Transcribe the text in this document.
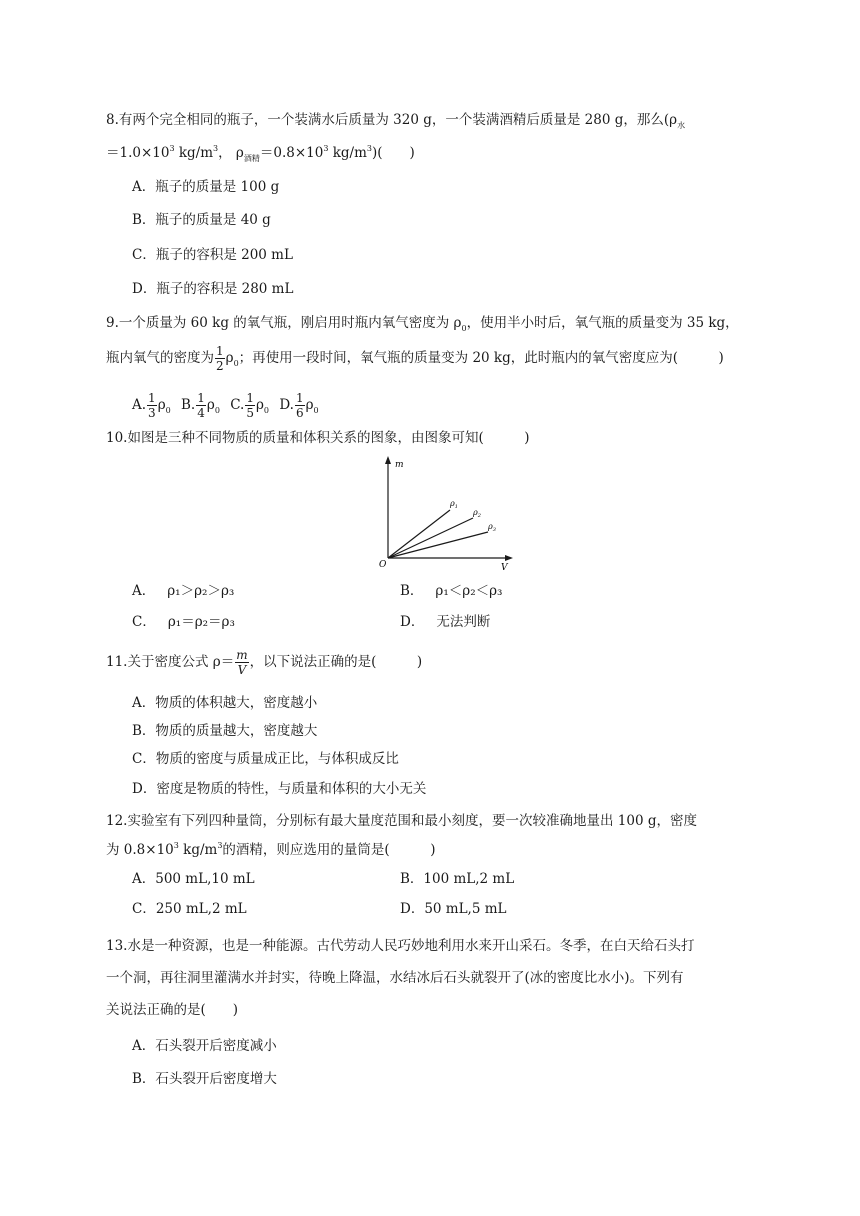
8.有两个完全相同的瓶子，一个装满水后质量为 320 g，一个装满酒精后质量是 280 g，那么($\rho_水$
$=1.0\times 10^3$ $kg/m^3$， $\rho_{酒精}=0.8\times 10^3$ $kg/m^3$)(　　)
A．瓶子的质量是 100 g
B．瓶子的质量是 40 g
C．瓶子的容积是 200 mL
D．瓶子的容积是 280 mL
9.一个质量为 60 kg 的氧气瓶，刚启用时瓶内氧气密度为 $\rho_0$，使用半小时后，氧气瓶的质量变为 35 kg，
瓶内氧气的密度为 $\frac{1}{2} \rho_0$；再使用一段时间，氧气瓶的质量变为 20 kg，此时瓶内的氧气密度应为(　　　)
A. $\frac{1}{3} \rho_0$ B. $\frac{1}{4} \rho_0$ C. $\frac{1}{5} \rho_0$ D. $\frac{1}{6} \rho_0$
10.如图是三种不同物质的质量和体积关系的图象，由图象可知(　　　)
m
V
O
$\rho_1$
$\rho_2$
$\rho_3$
A． ρ₁＞ρ₂＞ρ₃	B． ρ₁＜ρ₂＜ρ₃
C． ρ₁＝ρ₂＝ρ₃	D． 无法判断
11.关于密度公式 $\rho= \frac{m}{V}$ ，以下说法正确的是(　　　)
A．物质的体积越大，密度越小
B．物质的质量越大，密度越大
C．物质的密度与质量成正比，与体积成反比
D．密度是物质的特性，与质量和体积的大小无关
12.实验室有下列四种量筒，分别标有最大量度范围和最小刻度，要一次较准确地量出 100 g，密度
为 $0.8\times 10^3$ $kg/m^3$的酒精，则应选用的量筒是(　　　)
A．500 mL,10 mL	B．100 mL,2 mL
C．250 mL,2 mL	D．50 mL,5 mL
13.水是一种资源，也是一种能源。古代劳动人民巧妙地利用水来开山采石。冬季，在白天给石头打
一个洞，再往洞里灌满水并封实，待晚上降温，水结冰后石头就裂开了(冰的密度比水小)。下列有
关说法正确的是(　　)
A．石头裂开后密度减小
B．石头裂开后密度增大
